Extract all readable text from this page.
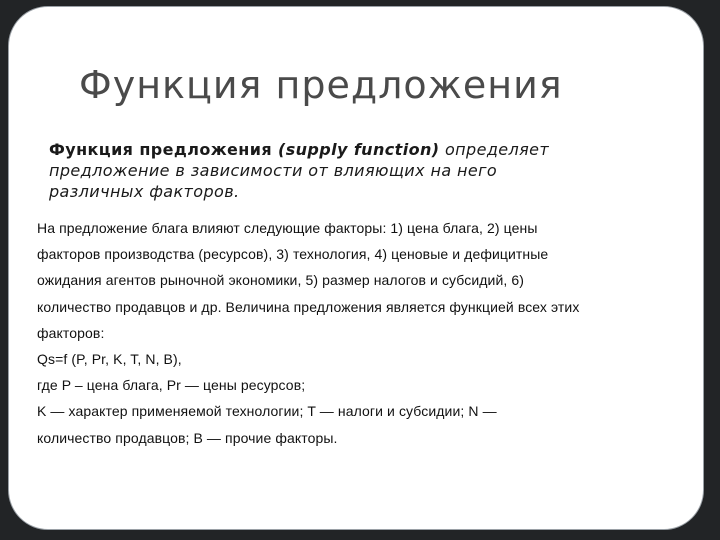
Функция предложения
Функция предложения (supply function) определяет
предложение в зависимости от влияющих на него
различных факторов.
На предложение блага влияют следующие факторы: 1) цена блага, 2) цены
факторов производства (ресурсов), 3) технология, 4) ценовые и дефицитные
ожидания агентов рыночной экономики, 5) размер налогов и субсидий, 6)
количество продавцов и др. Величина предложения является функцией всех этих
факторов:
Qs=f (P, Pr, K, T, N, B),
где P – цена блага, Pr — цены ресурсов;
K — характер применяемой технологии; T — налоги и субсидии; N —
количество продавцов; B — прочие факторы.
